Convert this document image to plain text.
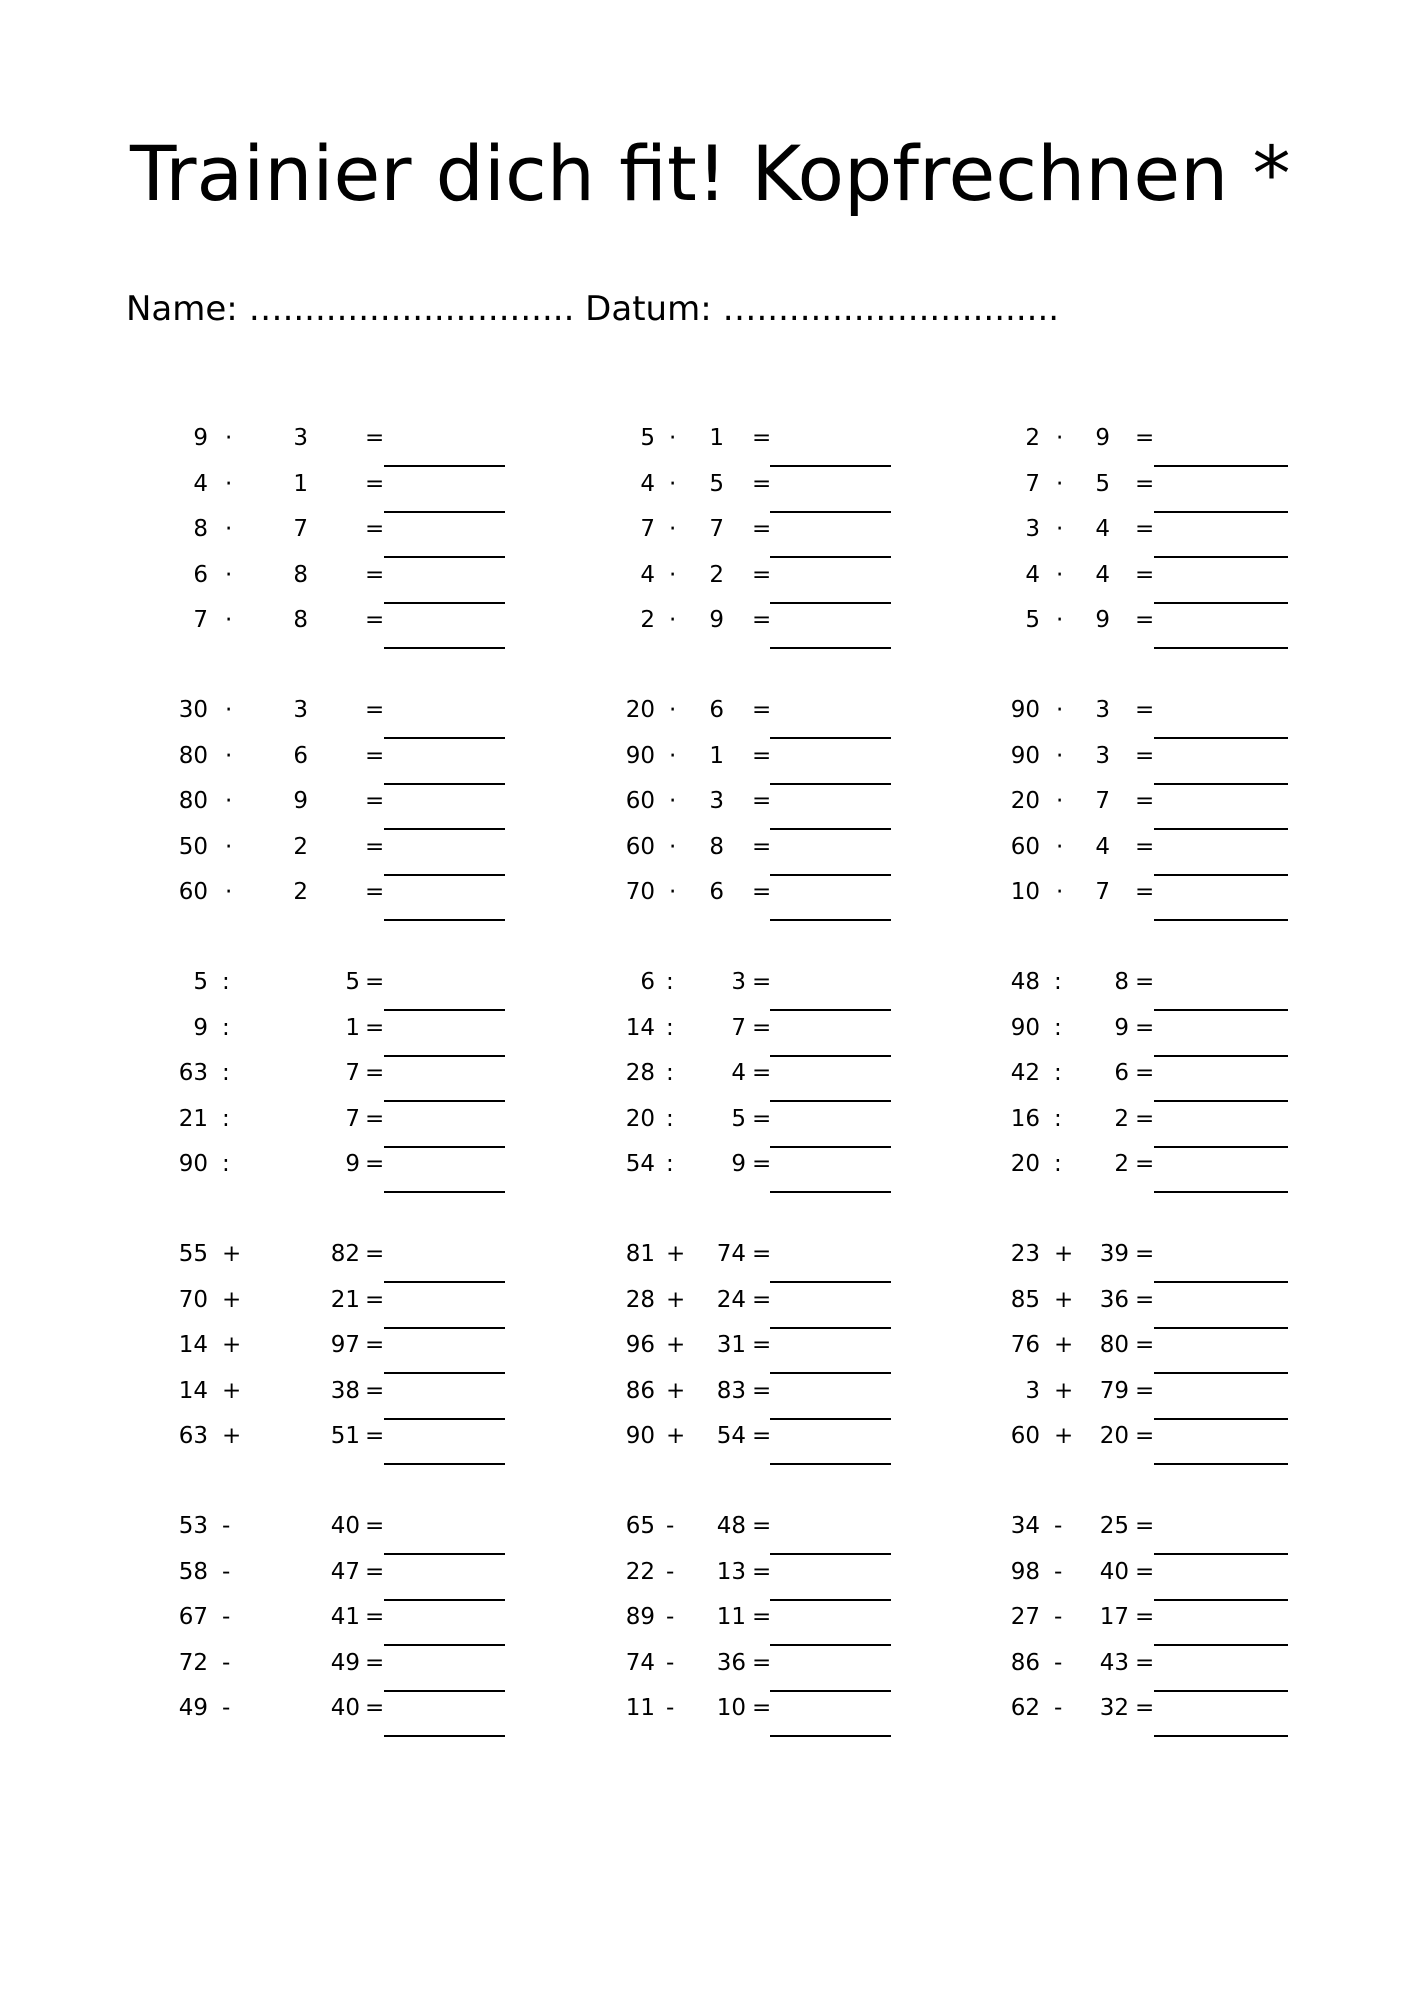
Trainier dich fit! Kopfrechnen *
Name: …........................... Datum: …............................
9 ·	3 =
4 ·	1 =
8 ·	7 =
6 ·	8 =
7 ·	8 =
5 · 1 =
4 · 5 =
7 · 7 =
4 · 2 =
2 · 9 =
2 · 9 =
7 · 5 =
3 · 4 =
4 · 4 =
5 · 9 =
30 ·	3 =
80 ·	6 =
80 ·	9 =
50 ·	2 =
60 ·	2 =
20 · 6 =
90 · 1 =
60 · 3 =
60 · 8 =
70 · 6 =
90 · 3 =
90 · 3 =
20 · 7 =
60 · 4 =
10 · 7 =
5 :	5 =
9 :	1 =
63 :	7 =
21 :	7 =
90 :	9 =
6 :	3 =
14 :	7 =
28 :	4 =
20 :	5 =
54 :	9 =
48 : 8 =
90 : 9 =
42 : 6 =
16 : 2 =
20 : 2 =
55 +	82 =
70 +	21 =
14 +	97 =
14 +	38 =
63 +	51 =
81 + 74 =
28 + 24 =
96 + 31 =
86 + 83 =
90 + 54 =
23 + 39 =
85 + 36 =
76 + 80 =
3 + 79 =
60 + 20 =
53 -	40 =
58 -	47 =
67 -	41 =
72 -	49 =
49 -	40 =
65 - 48 =
22 - 13 =
89 - 11 =
74 - 36 =
11 - 10 =
34 - 25 =
98 - 40 =
27 - 17 =
86 - 43 =
62 - 32 =
